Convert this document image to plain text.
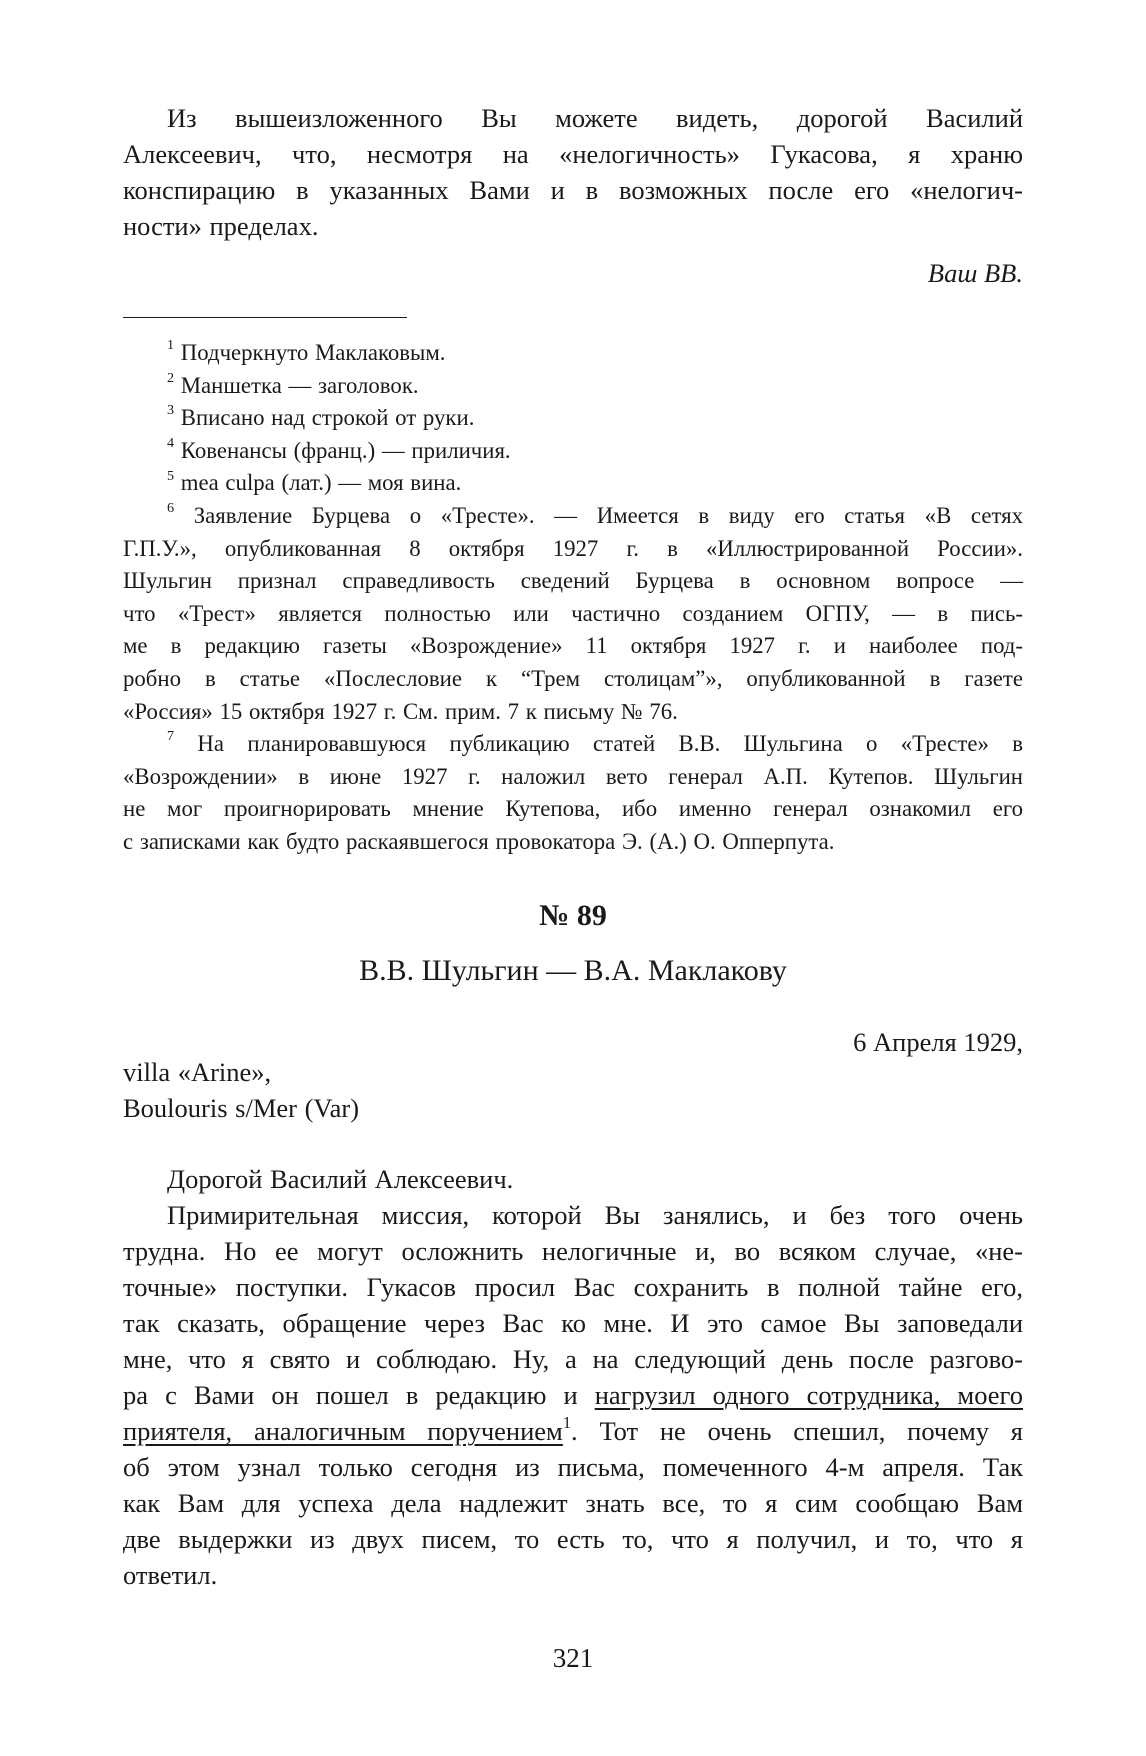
Из вышеизложенного Вы можете видеть, дорогой Василий
Алексеевич, что, несмотря на «нелогичность» Гукасова, я храню
конспирацию в указанных Вами и в возможных после его «нелогич-
ности» пределах.
Ваш ВВ.
$^1$ Подчеркнуто Маклаковым.
$^2$ Маншетка — заголовок.
$^3$ Вписано над строкой от руки.
$^4$ Ковенансы (франц.) — приличия.
$^5$ mea culpa (лат.) — моя вина.
$^6$ Заявление Бурцева о «Тресте». — Имеется в виду его статья «В сетях
Г.П.У.», опубликованная 8 октября 1927 г. в «Иллюстрированной России».
Шульгин признал справедливость сведений Бурцева в основном вопросе —
что «Трест» является полностью или частично созданием ОГПУ, — в пись-
ме в редакцию газеты «Возрождение» 11 октября 1927 г. и наиболее под-
робно в статье «Послесловие к “Трем столицам”», опубликованной в газете
«Россия» 15 октября 1927 г. См. прим. 7 к письму № 76.
$^7$ На планировавшуюся публикацию статей В.В. Шульгина о «Тресте» в
«Возрождении» в июне 1927 г. наложил вето генерал А.П. Кутепов. Шульгин
не мог проигнорировать мнение Кутепова, ибо именно генерал ознакомил его
с записками как будто раскаявшегося провокатора Э. (А.) О. Опперпута.
№ 89
В.В. Шульгин — В.А. Маклакову
6 Апреля 1929,
villa «Arine»,
Boulouris s/Mer (Var)
Дорогой Василий Алексеевич.
Примирительная миссия, которой Вы занялись, и без того очень
трудна. Но ее могут осложнить нелогичные и, во всяком случае, «не-
точные» поступки. Гукасов просил Вас сохранить в полной тайне его,
так сказать, обращение через Вас ко мне. И это самое Вы заповедали
мне, что я свято и соблюдаю. Ну, а на следующий день после разгово-
ра с Вами он пошел в редакцию и нагрузил одного сотрудника, моего
приятеля, аналогичным поручением$^1$. Тот не очень спешил, почему я
об этом узнал только сегодня из письма, помеченного 4-м апреля. Так
как Вам для успеха дела надлежит знать все, то я сим сообщаю Вам
две выдержки из двух писем, то есть то, что я получил, и то, что я
ответил.
321
